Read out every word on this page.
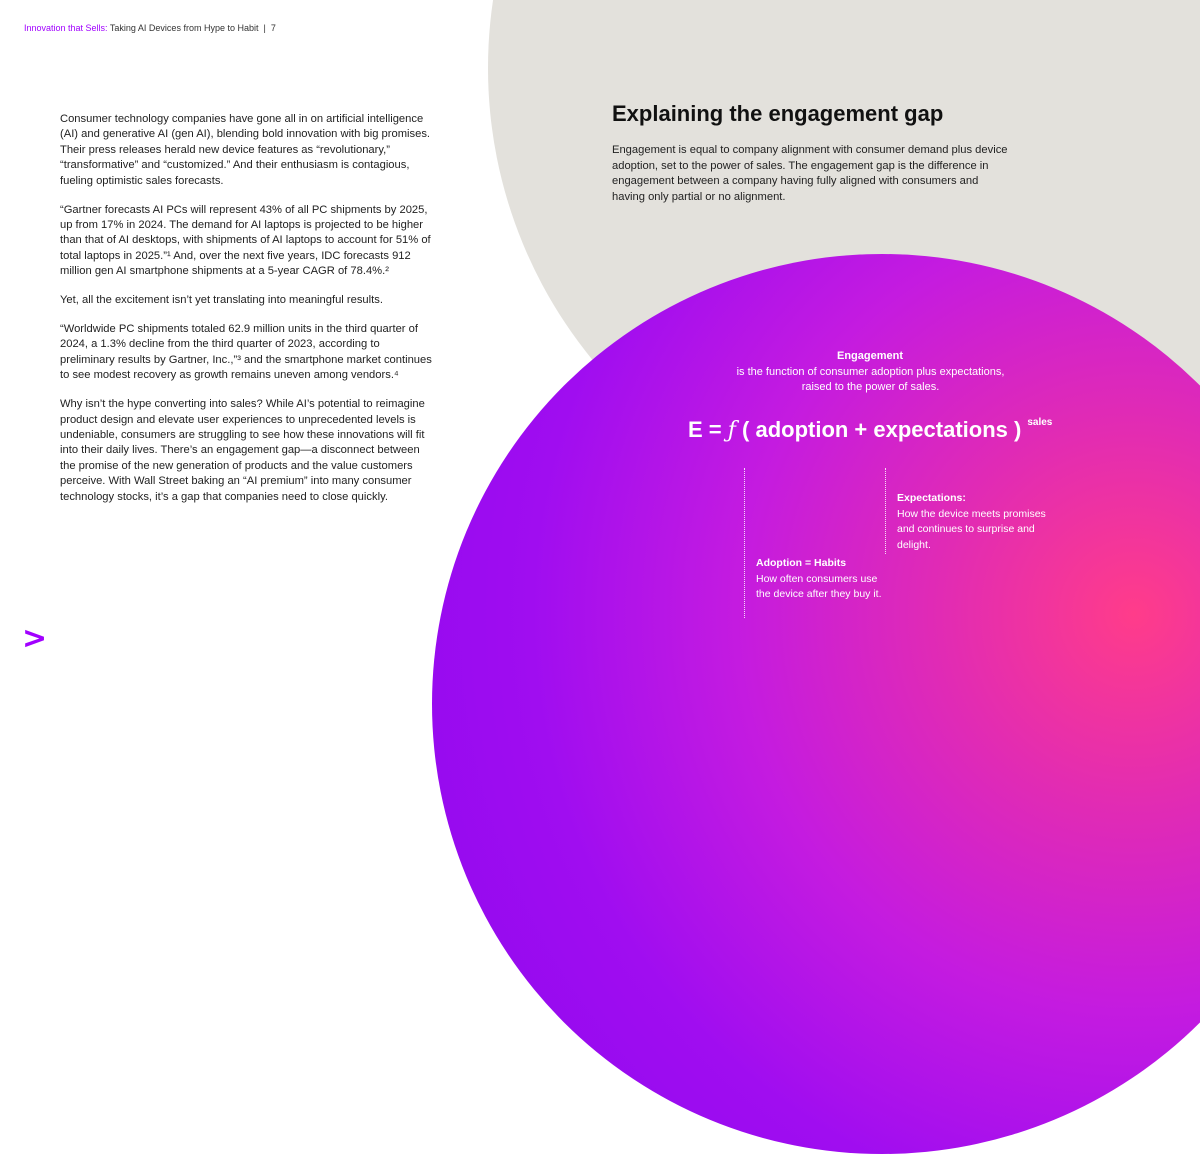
Innovation that Sells: Taking AI Devices from Hype to Habit | 7

Consumer technology companies have gone all in on artificial intelligence (AI) and generative AI (gen AI), blending bold innovation with big promises. Their press releases herald new device features as “revolutionary,” “transformative” and “customized.” And their enthusiasm is contagious, fueling optimistic sales forecasts.

“Gartner forecasts AI PCs will represent 43% of all PC shipments by 2025, up from 17% in 2024. The demand for AI laptops is projected to be higher than that of AI desktops, with shipments of AI laptops to account for 51% of total laptops in 2025.”¹ And, over the next five years, IDC forecasts 912 million gen AI smartphone shipments at a 5-year CAGR of 78.4%.²

Yet, all the excitement isn’t yet translating into meaningful results.

“Worldwide PC shipments totaled 62.9 million units in the third quarter of 2024, a 1.3% decline from the third quarter of 2023, according to preliminary results by Gartner, Inc.,”³ and the smartphone market continues to see modest recovery as growth remains uneven among vendors.⁴

Why isn’t the hype converting into sales? While AI’s potential to reimagine product design and elevate user experiences to unprecedented levels is undeniable, consumers are struggling to see how these innovations will fit into their daily lives. There’s an engagement gap—a disconnect between the promise of the new generation of products and the value customers perceive. With Wall Street baking an “AI premium” into many consumer technology stocks, it’s a gap that companies need to close quickly.

Explaining the engagement gap
Engagement is equal to company alignment with consumer demand plus device adoption, set to the power of sales. The engagement gap is the difference in engagement between a company having fully aligned with consumers and having only partial or no alignment.
Engagement
is the function of consumer adoption plus expectations, raised to the power of sales.
E = ƒ ( adoption + expectations ) $^{sales}$
Expectations:
How the device meets promises and continues to surprise and delight.
Adoption = Habits
How often consumers use the device after they buy it.
>
